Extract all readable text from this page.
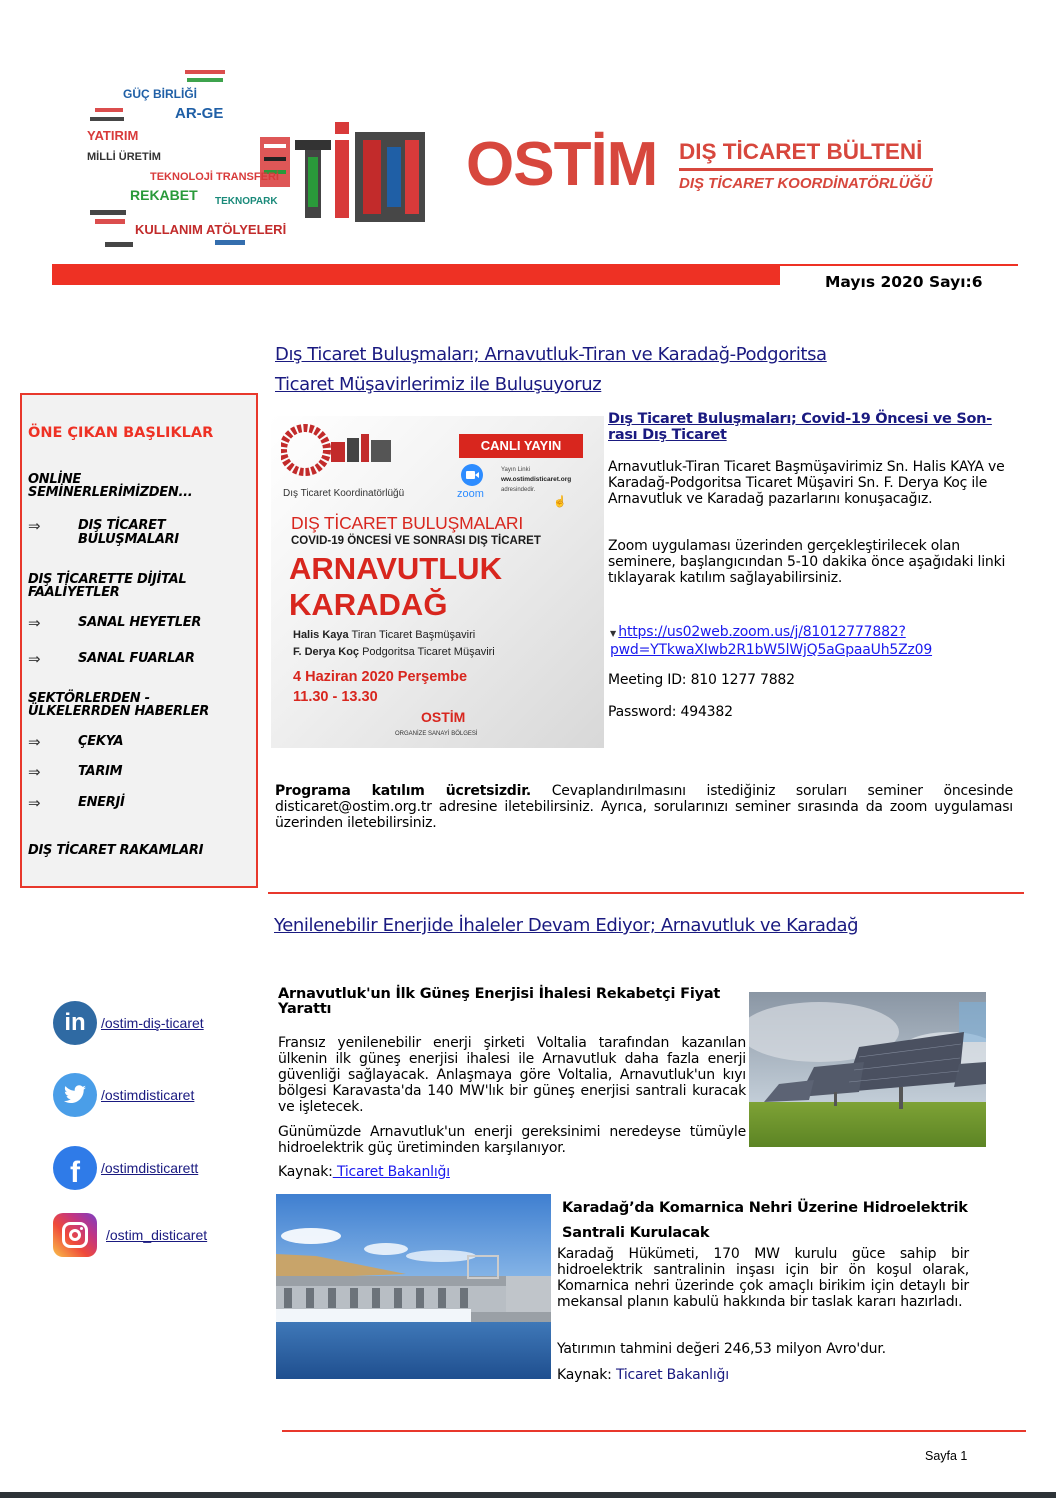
GÜÇ BİRLİĞİ
AR-GE
YATIRIM
MİLLİ ÜRETİM
TEKNOLOJİ TRANSFERİ
REKABET TEKNOPARK
KULLANIM ATÖLYELERİ
OSTİM DIŞ TİCARET BÜLTENİ
DIŞ TİCARET KOORDİNATÖRLÜĞÜ
Mayıs 2020 Sayı:6
Dış Ticaret Buluşmaları; Arnavutluk-Tiran ve Karadağ-Podgoritsa
Ticaret Müşavirlerimiz ile Buluşuyoruz
ÖNE ÇIKAN BAŞLIKLAR
ONLİNE
SEMİNERLERİMİZDEN...
⇒	DIŞ TİCARET
BULUŞMALARI
DIŞ TİCARETTE DİJİTAL
FAALİYETLER
⇒	SANAL HEYETLER
⇒	SANAL FUARLAR
SEKTÖRLERDEN -
ÜLKELERRDEN HABERLER
⇒	ÇEKYA
⇒	TARIM
⇒	ENERJİ
DIŞ TİCARET RAKAMLARI
Dış Ticaret Koordinatörlüğü
CANLI YAYIN
zoom
Yayın Linki
ww.ostimdisticaret.org
adresindedir.
☝
DIŞ TİCARET BULUŞMALARI
COVID-19 ÖNCESİ VE SONRASI DIŞ TİCARET
ARNAVUTLUK
KARADAĞ
Halis Kaya Tiran Ticaret Başmüşaviri
F. Derya Koç Podgoritsa Ticaret Müşaviri
4 Haziran 2020 Perşembe
11.30 - 13.30
OSTİM
ORGANİZE SANAYİ BÖLGESİ
Dış Ticaret Buluşmaları; Covid-19 Öncesi ve Son-
rası Dış Ticaret
Arnavutluk-Tiran Ticaret Başmüşavirimiz Sn. Halis KAYA ve Karadağ-Podgoritsa Ticaret Müşaviri Sn. F. Derya Koç ile Arnavutluk ve Karadağ pazarlarını konuşacağız.
Zoom uygulaması üzerinden gerçekleştirilecek olan seminere, başlangıcından 5-10 dakika önce aşağıdaki linki tıklayarak katılım sağlayabilirsiniz.
▼ https://us02web.zoom.us/j/81012777882?
pwd=YTkwaXIwb2R1bW5lWjQ5aGpaaUh5Zz09
Meeting ID: 810 1277 7882
Password: 494382
Programa katılım ücretsizdir. Cevaplandırılmasını istediğiniz soruları seminer öncesinde disticaret@ostim.org.tr adresine iletebilirsiniz. Ayrıca, sorularınızı seminer sırasında da zoom uygulaması üzerinden iletebilirsiniz.
Yenilenebilir Enerjide İhaleler Devam Ediyor; Arnavutluk ve Karadağ
in	/ostim-diş-ticaret
/ostimdisticaret
f	/ostimdisticarett
/ostim_disticaret
Arnavutluk'un İlk Güneş Enerjisi İhalesi Rekabetçi Fiyat Yarattı
Fransız yenilenebilir enerji şirketi Voltalia tarafından kazanılan ülkenin ilk güneş enerjisi ihalesi ile Arnavutluk daha fazla enerji güvenliği sağlayacak. Anlaşmaya göre Voltalia, Arnavutluk'un kıyı bölgesi Karavasta'da 140 MW'lık bir güneş enerjisi santrali kuracak ve işletecek.
Günümüzde Arnavutluk'un enerji gereksinimi neredeyse tümüyle hidroelektrik güç üretiminden karşılanıyor.
Kaynak: Ticaret Bakanlığı
Karadağ’da Komarnica Nehri Üzerine Hidroelektrik
Santrali Kurulacak
Karadağ Hükümeti, 170 MW kurulu güce sahip bir hidroelektrik santralinin inşası için bir ön koşul olarak, Komarnica nehri üzerinde çok amaçlı birikim için detaylı bir mekansal planın kabulü hakkında bir taslak kararı hazırladı.
Yatırımın tahmini değeri 246,53 milyon Avro'dur.
Kaynak: Ticaret Bakanlığı
Sayfa 1
